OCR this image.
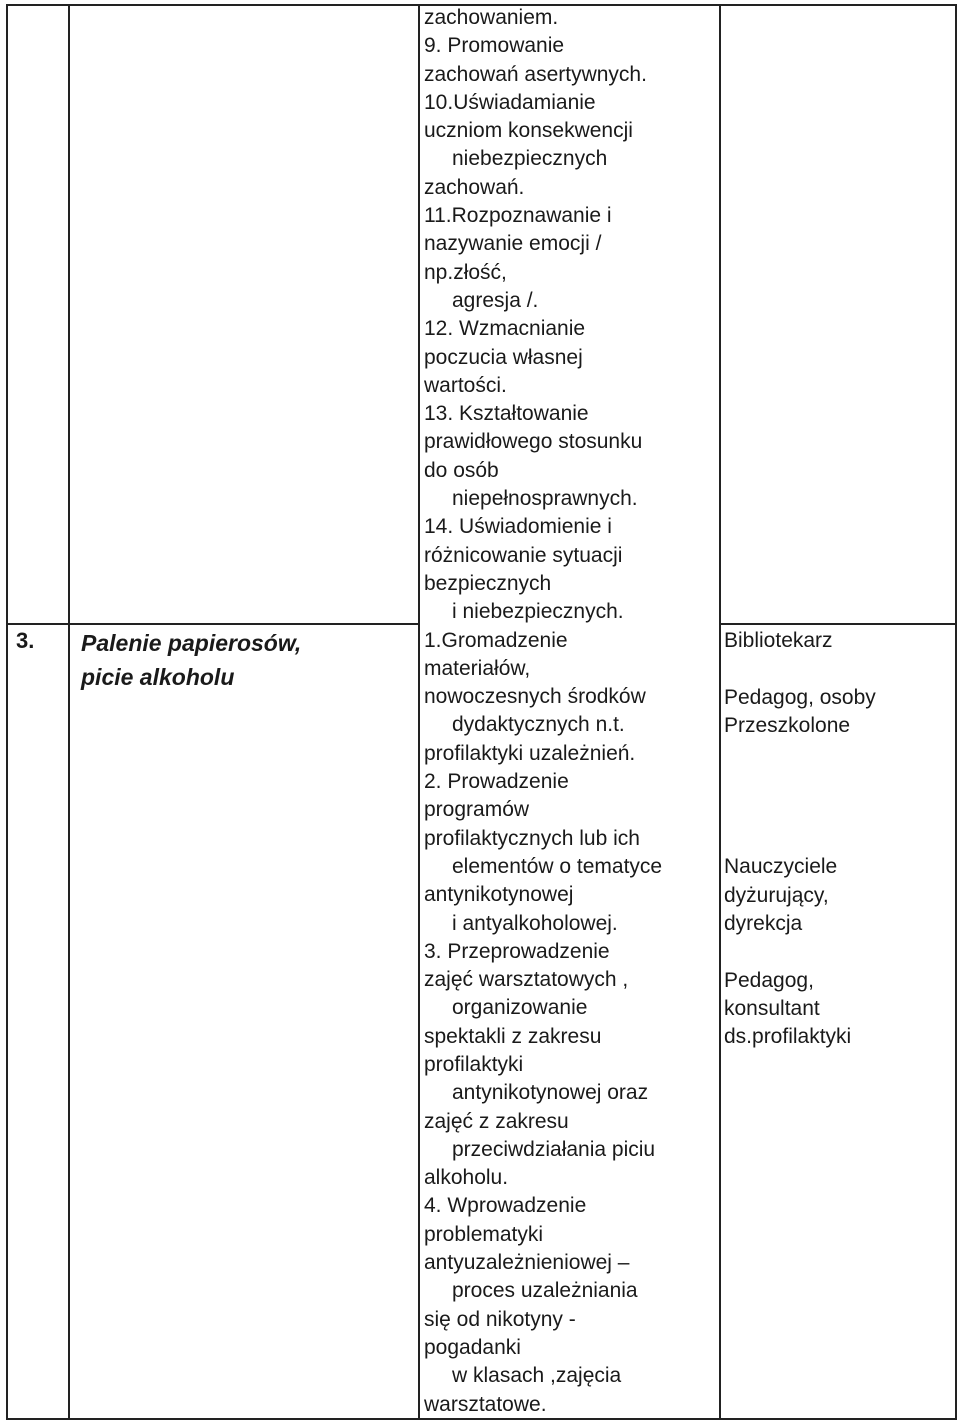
3. Palenie papierosów,
picie alkoholu
zachowaniem.
9. Promowanie
zachowań asertywnych.
10.Uświadamianie
uczniom konsekwencji
niebezpiecznych
zachowań.
11.Rozpoznawanie i
nazywanie emocji /
np.złość,
agresja /.
12. Wzmacnianie
poczucia własnej
wartości.
13. Kształtowanie
prawidłowego stosunku
do osób
niepełnosprawnych.
14. Uświadomienie i
różnicowanie sytuacji
bezpiecznych
i niebezpiecznych.
1.Gromadzenie
materiałów,
nowoczesnych środków
dydaktycznych n.t.
profilaktyki uzależnień.
2. Prowadzenie
programów
profilaktycznych lub ich
elementów o tematyce
antynikotynowej
i antyalkoholowej.
3. Przeprowadzenie
zajęć warsztatowych ,
organizowanie
spektakli z zakresu
profilaktyki
antynikotynowej oraz
zajęć z zakresu
przeciwdziałania piciu
alkoholu.
4. Wprowadzenie
problematyki
antyuzależnieniowej –
proces uzależniania
się od nikotyny -
pogadanki
w klasach ,zajęcia
warsztatowe.
Bibliotekarz
Pedagog, osoby
Przeszkolone
Nauczyciele
dyżurujący,
dyrekcja
Pedagog,
konsultant
ds.profilaktyki
